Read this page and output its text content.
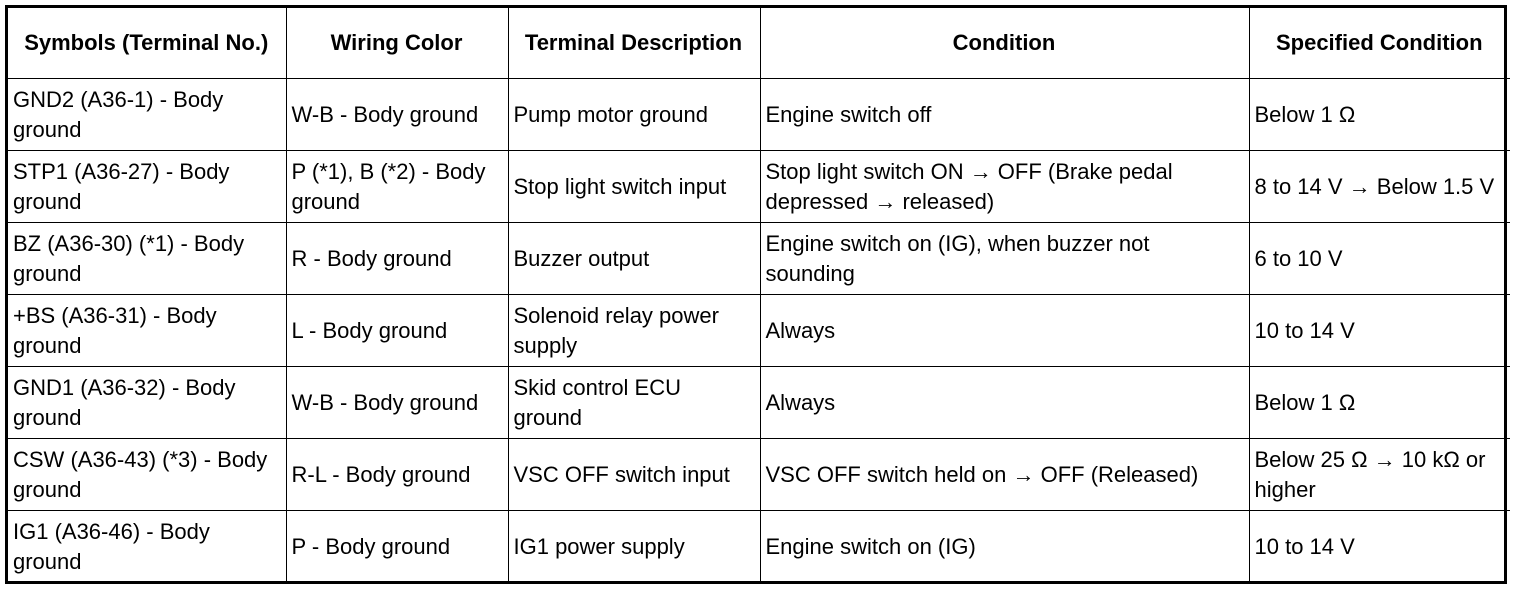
Symbols (Terminal No.)	Wiring Color	Terminal Description	Condition	Specified Condition
GND2 (A36-1) - Body ground	W-B - Body ground	Pump motor ground	Engine switch off	Below 1 Ω
STP1 (A36-27) - Body ground	P (*1), B (*2) - Body ground	Stop light switch input	Stop light switch ON → OFF (Brake pedal depressed → released)	8 to 14 V → Below 1.5 V
BZ (A36-30) (*1) - Body ground	R - Body ground	Buzzer output	Engine switch on (IG), when buzzer not sounding	6 to 10 V
+BS (A36-31) - Body ground	L - Body ground	Solenoid relay power supply	Always	10 to 14 V
GND1 (A36-32) - Body ground	W-B - Body ground	Skid control ECU ground	Always	Below 1 Ω
CSW (A36-43) (*3) - Body ground	R-L - Body ground	VSC OFF switch input	VSC OFF switch held on → OFF (Released)	Below 25 Ω → 10 kΩ or higher
IG1 (A36-46) - Body ground	P - Body ground	IG1 power supply	Engine switch on (IG)	10 to 14 V
